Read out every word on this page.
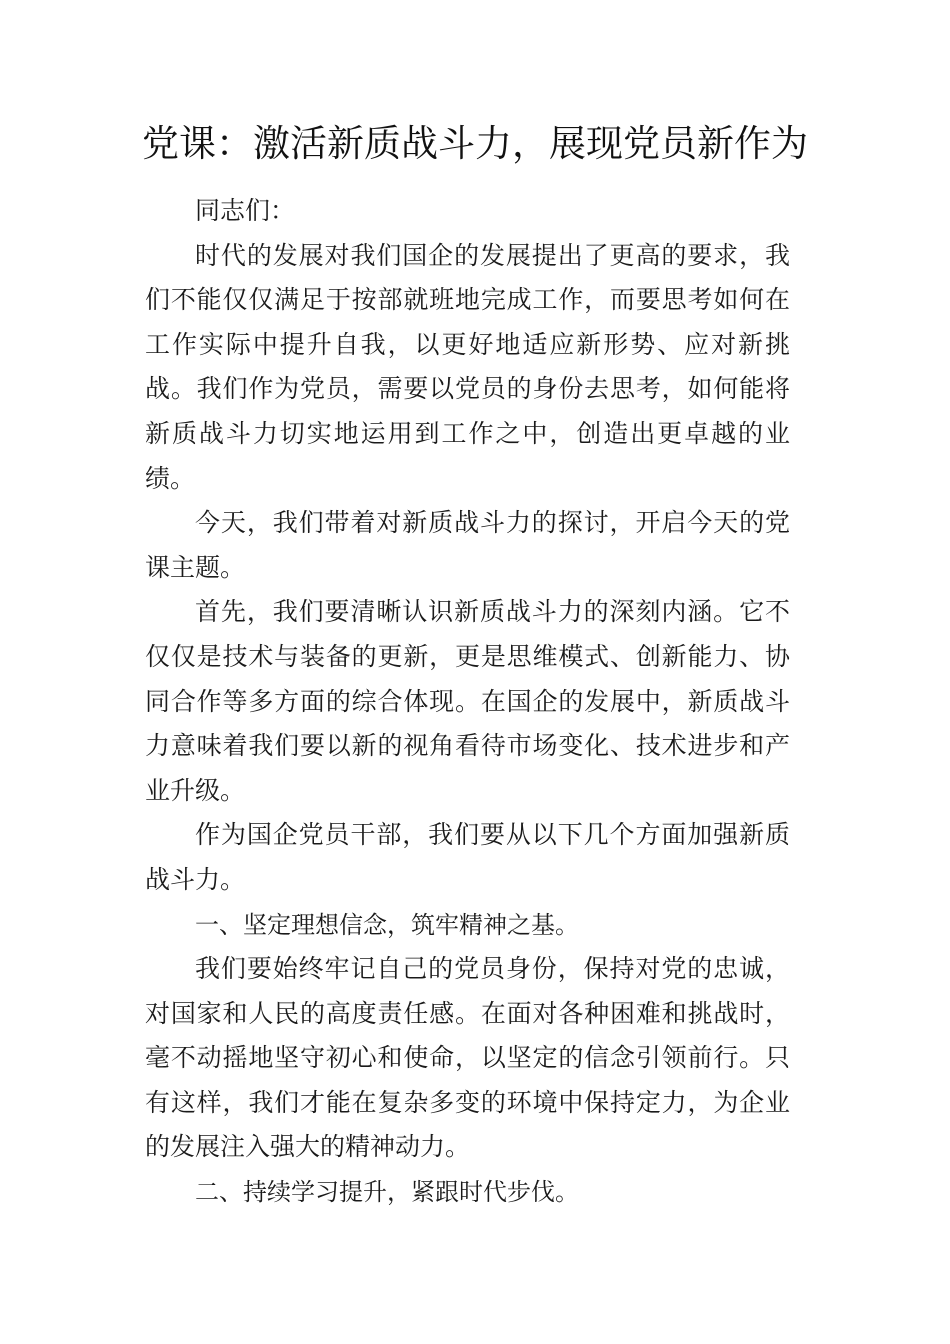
党课：激活新质战斗力，展现党员新作为

同志们：

时代的发展对我们国企的发展提出了更高的要求，我们不能仅仅满足于按部就班地完成工作，而要思考如何在工作实际中提升自我，以更好地适应新形势、应对新挑战。我们作为党员，需要以党员的身份去思考，如何能将新质战斗力切实地运用到工作之中，创造出更卓越的业绩。

今天，我们带着对新质战斗力的探讨，开启今天的党课主题。

首先，我们要清晰认识新质战斗力的深刻内涵。它不仅仅是技术与装备的更新，更是思维模式、创新能力、协同合作等多方面的综合体现。在国企的发展中，新质战斗力意味着我们要以新的视角看待市场变化、技术进步和产业升级。

作为国企党员干部，我们要从以下几个方面加强新质战斗力。

一、坚定理想信念，筑牢精神之基。

我们要始终牢记自己的党员身份，保持对党的忠诚，对国家和人民的高度责任感。在面对各种困难和挑战时，毫不动摇地坚守初心和使命，以坚定的信念引领前行。只有这样，我们才能在复杂多变的环境中保持定力，为企业的发展注入强大的精神动力。

二、持续学习提升，紧跟时代步伐。
